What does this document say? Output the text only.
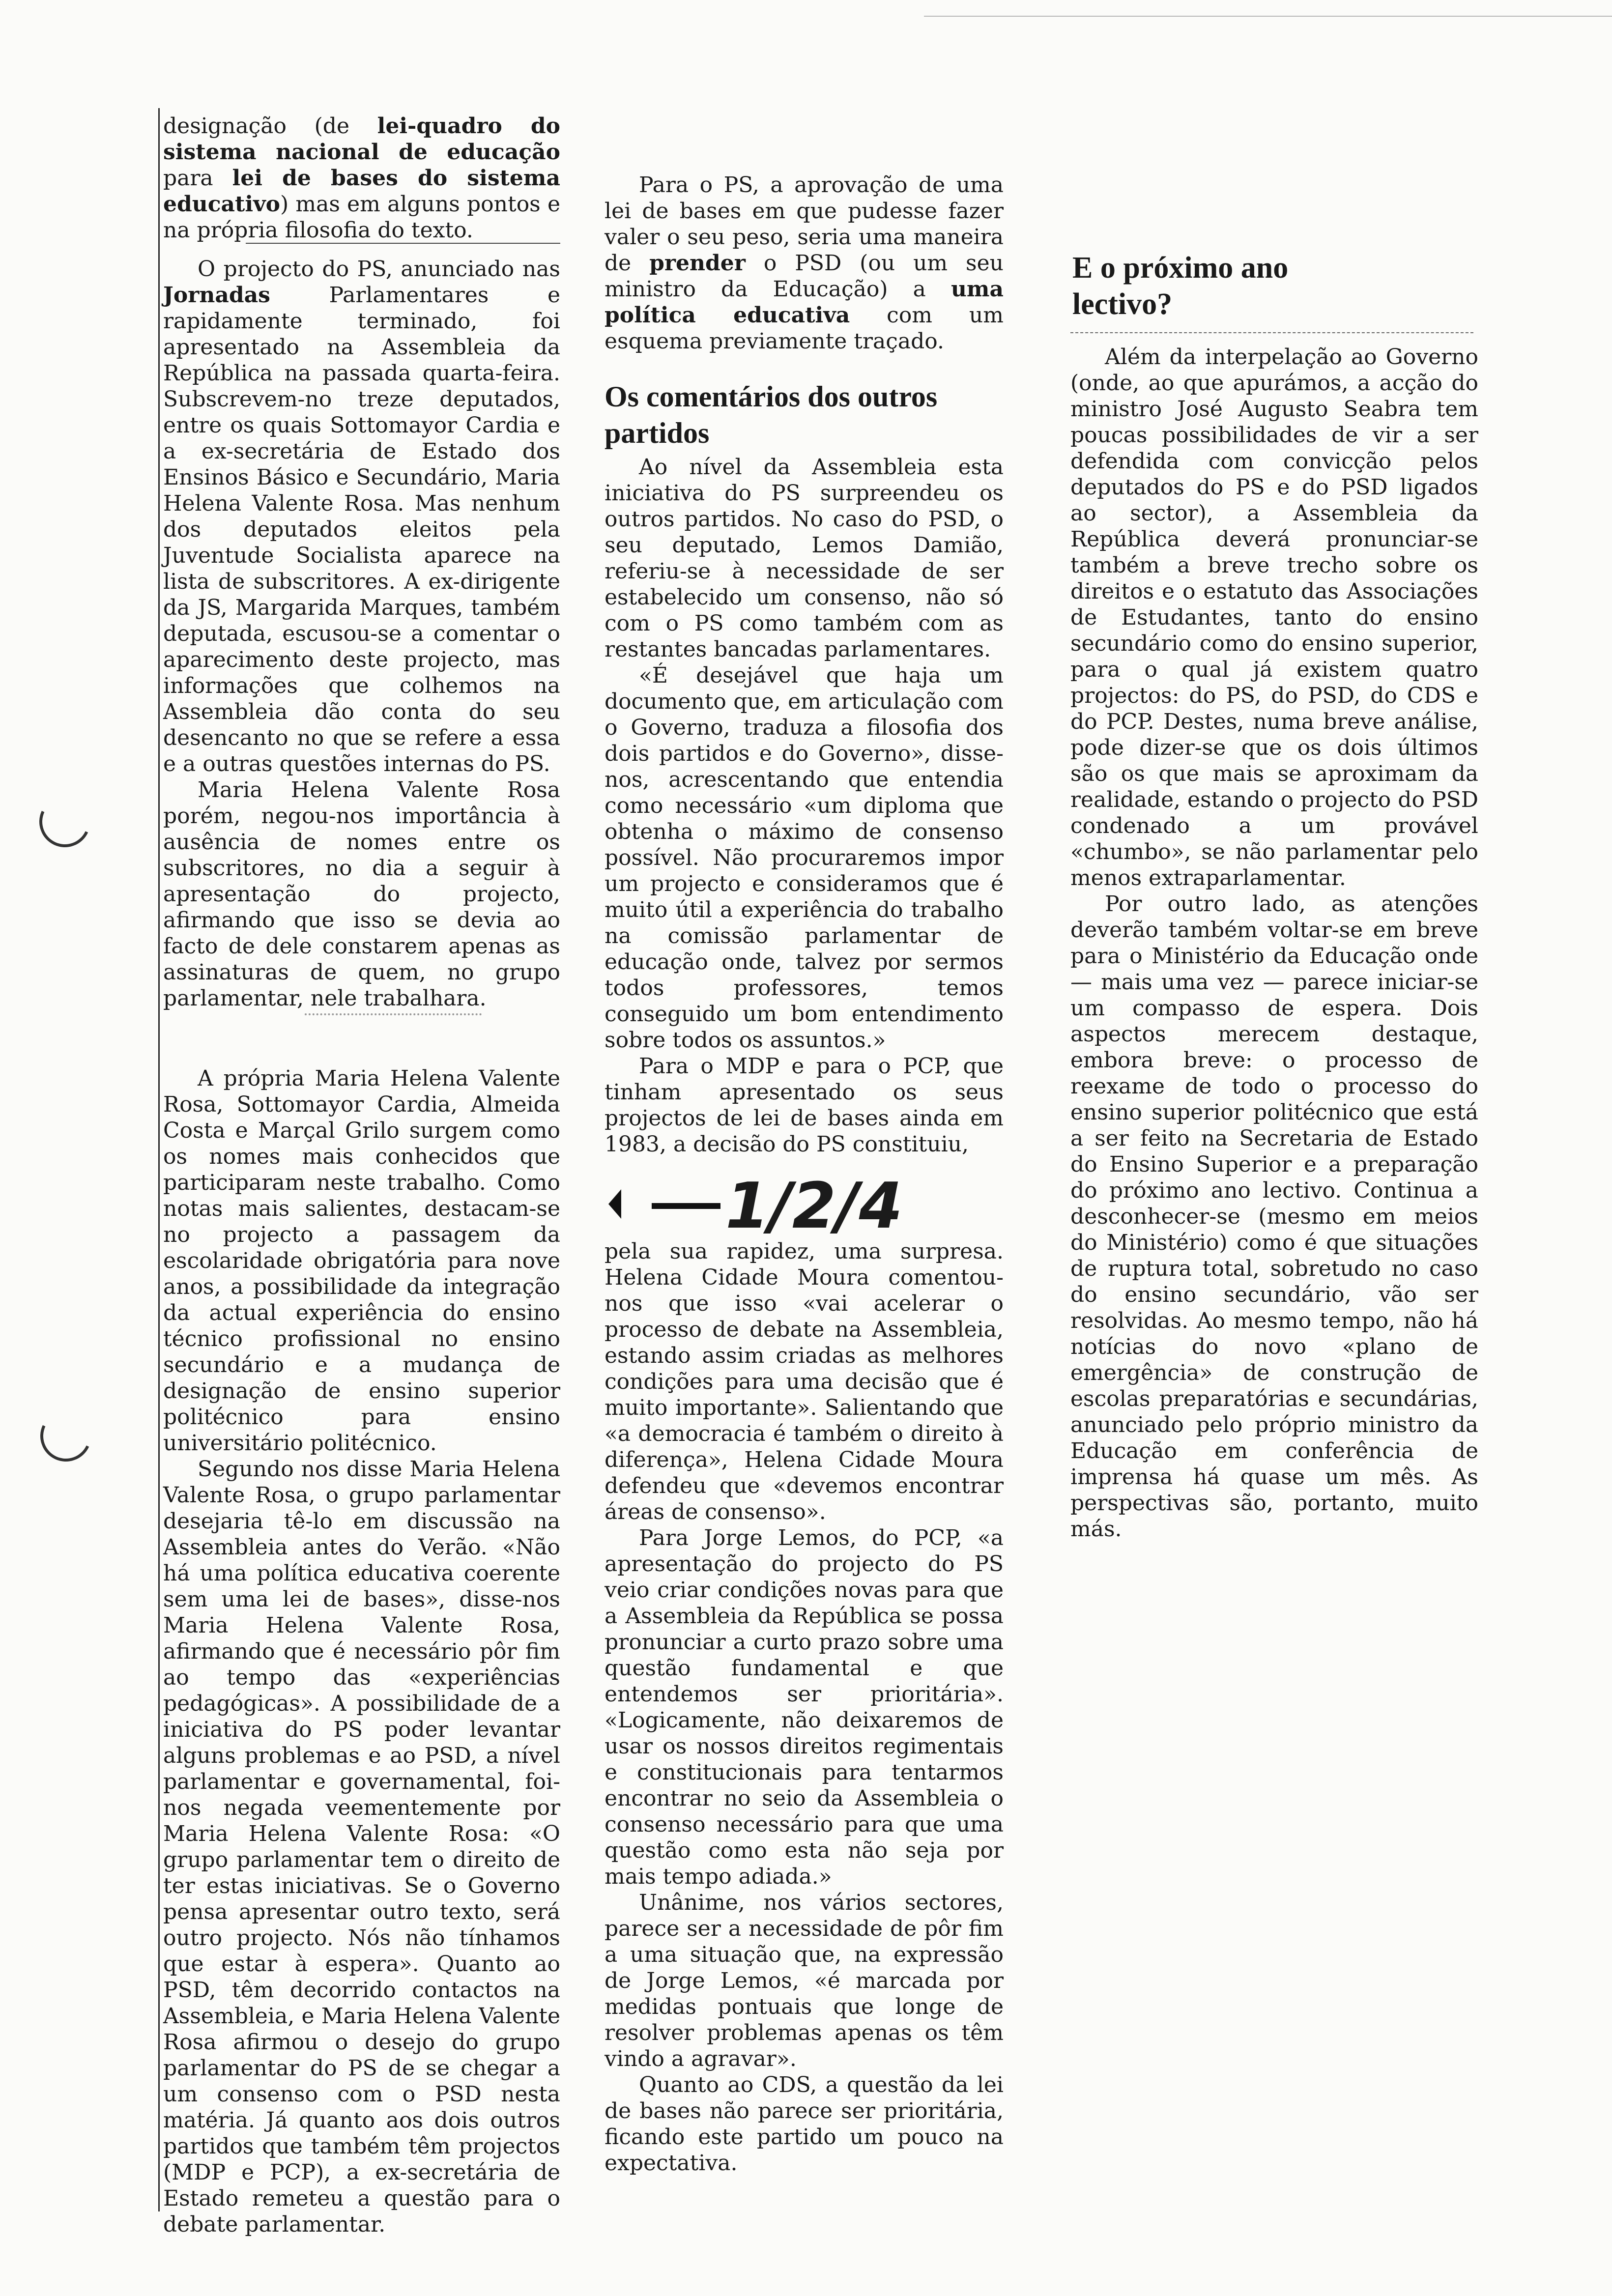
designação (de lei-quadro do sistema nacional de educação para lei de bases do sistema educativo) mas em alguns pontos e na própria filosofia do texto.

O projecto do PS, anunciado nas Jornadas Parlamentares e rapidamente terminado, foi apresentado na Assembleia da República na passada quarta-feira. Subscrevem-no treze deputados, entre os quais Sottomayor Cardia e a ex-secretária de Estado dos Ensinos Básico e Secundário, Maria Helena Valente Rosa. Mas nenhum dos deputados eleitos pela Juventude Socialista aparece na lista de subscritores. A ex-dirigente da JS, Margarida Marques, também deputada, escusou-se a comentar o aparecimento deste projecto, mas informações que colhemos na Assembleia dão conta do seu desencanto no que se refere a essa e a outras questões internas do PS.

Maria Helena Valente Rosa porém, negou-nos importância à ausência de nomes entre os subscritores, no dia a seguir à apresentação do projecto, afirmando que isso se devia ao facto de dele constarem apenas as assinaturas de quem, no grupo parlamentar, nele trabalhara.

A própria Maria Helena Valente Rosa, Sottomayor Cardia, Almeida Costa e Marçal Grilo surgem como os nomes mais conhecidos que participaram neste trabalho. Como notas mais salientes, destacam-se no projecto a passagem da escolaridade obrigatória para nove anos, a possibilidade da integração da actual experiência do ensino técnico profissional no ensino secundário e a mudança de designação de ensino superior politécnico para ensino universitário politécnico.

Segundo nos disse Maria Helena Valente Rosa, o grupo parlamentar desejaria tê-lo em discussão na Assembleia antes do Verão. «Não há uma política educativa coerente sem uma lei de bases», disse-nos Maria Helena Valente Rosa, afirmando que é necessário pôr fim ao tempo das «experiências pedagógicas». A possibilidade de a iniciativa do PS poder levantar alguns problemas e ao PSD, a nível parlamentar e governamental, foi-nos negada veementemente por Maria Helena Valente Rosa: «O grupo parlamentar tem o direito de ter estas iniciativas. Se o Governo pensa apresentar outro texto, será outro projecto. Nós não tínhamos que estar à espera». Quanto ao PSD, têm decorrido contactos na Assembleia, e Maria Helena Valente Rosa afirmou o desejo do grupo parlamentar do PS de se chegar a um consenso com o PSD nesta matéria. Já quanto aos dois outros partidos que também têm projectos (MDP e PCP), a ex-secretária de Estado remeteu a questão para o debate parlamentar.

Para o PS, a aprovação de uma lei de bases em que pudesse fazer valer o seu peso, seria uma maneira de prender o PSD (ou um seu ministro da Educação) a uma política educativa com um esquema previamente traçado.

Os comentários dos outros partidos

Ao nível da Assembleia esta iniciativa do PS surpreendeu os outros partidos. No caso do PSD, o seu deputado, Lemos Damião, referiu-se à necessidade de ser estabelecido um consenso, não só com o PS como também com as restantes bancadas parlamentares.

«É desejável que haja um documento que, em articulação com o Governo, traduza a filosofia dos dois partidos e do Governo», disse-nos, acrescentando que entendia como necessário «um diploma que obtenha o máximo de consenso possível. Não procuraremos impor um projecto e consideramos que é muito útil a experiência do trabalho na comissão parlamentar de educação onde, talvez por sermos todos professores, temos conseguido um bom entendimento sobre todos os assuntos.»

Para o MDP e para o PCP, que tinham apresentado os seus projectos de lei de bases ainda em 1983, a decisão do PS constituiu,

1/2/4

pela sua rapidez, uma surpresa. Helena Cidade Moura comentou-nos que isso «vai acelerar o processo de debate na Assembleia, estando assim criadas as melhores condições para uma decisão que é muito importante». Salientando que «a democracia é também o direito à diferença», Helena Cidade Moura defendeu que «devemos encontrar áreas de consenso».

Para Jorge Lemos, do PCP, «a apresentação do projecto do PS veio criar condições novas para que a Assembleia da República se possa pronunciar a curto prazo sobre uma questão fundamental e que entendemos ser prioritária». «Logicamente, não deixaremos de usar os nossos direitos regimentais e constitucionais para tentarmos encontrar no seio da Assembleia o consenso necessário para que uma questão como esta não seja por mais tempo adiada.»

Unânime, nos vários sectores, parece ser a necessidade de pôr fim a uma situação que, na expressão de Jorge Lemos, «é marcada por medidas pontuais que longe de resolver problemas apenas os têm vindo a agravar».

Quanto ao CDS, a questão da lei de bases não parece ser prioritária, ficando este partido um pouco na expectativa.

E o próximo ano lectivo?

Além da interpelação ao Governo (onde, ao que apurámos, a acção do ministro José Augusto Seabra tem poucas possibilidades de vir a ser defendida com convicção pelos deputados do PS e do PSD ligados ao sector), a Assembleia da República deverá pronunciar-se também a breve trecho sobre os direitos e o estatuto das Associações de Estudantes, tanto do ensino secundário como do ensino superior, para o qual já existem quatro projectos: do PS, do PSD, do CDS e do PCP. Destes, numa breve análise, pode dizer-se que os dois últimos são os que mais se aproximam da realidade, estando o projecto do PSD condenado a um provável «chumbo», se não parlamentar pelo menos extraparlamentar.

Por outro lado, as atenções deverão também voltar-se em breve para o Ministério da Educação onde — mais uma vez — parece iniciar-se um compasso de espera. Dois aspectos merecem destaque, embora breve: o processo de reexame de todo o processo do ensino superior politécnico que está a ser feito na Secretaria de Estado do Ensino Superior e a preparação do próximo ano lectivo. Continua a desconhecer-se (mesmo em meios do Ministério) como é que situações de ruptura total, sobretudo no caso do ensino secundário, vão ser resolvidas. Ao mesmo tempo, não há notícias do novo «plano de emergência» de construção de escolas preparatórias e secundárias, anunciado pelo próprio ministro da Educação em conferência de imprensa há quase um mês. As perspectivas são, portanto, muito más.
